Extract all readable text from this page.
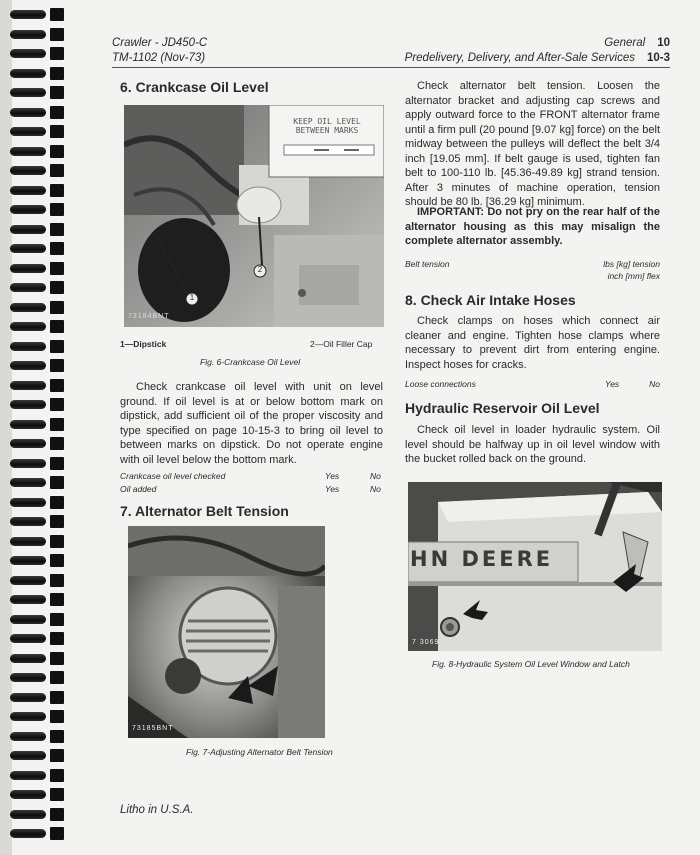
Crawler - JD450-C
TM-1102 (Nov-73)
General 10
Predelivery, Delivery, and After-Sale Services 10-3
6. Crankcase Oil Level
KEEP OIL LEVEL
BETWEEN MARKS
1
2
73184BNT
1—Dipstick	2—Oil Filler Cap
Fig. 6-Crankcase Oil Level

Check crankcase oil level with unit on level ground. If oil level is at or below bottom mark on dipstick, add sufficient oil of the proper viscosity and type specified on page 10-15-3 to bring oil level to between marks on dipstick. Do not operate engine with oil level below the bottom mark.

Crankcase oil level checked	Yes	No
Oil added	Yes	No
7. Alternator Belt Tension
73185BNT
Fig. 7-Adjusting Alternator Belt Tension

Check alternator belt tension. Loosen the alternator bracket and adjusting cap screws and apply outward force to the FRONT alternator frame until a firm pull (20 pound [9.07 kg] force) on the belt midway between the pulleys will deflect the belt 3/4 inch [19.05 mm]. If belt gauge is used, tighten fan belt to 100-110 lb. [45.36-49.89 kg] strand tension. After 3 minutes of machine operation, tension should be 80 lb. [36.29 kg] minimum.

IMPORTANT: Do not pry on the rear half of the alternator housing as this may misalign the complete alternator assembly.
Belt tension	lbs [kg] tension
inch [mm] flex
8. Check Air Intake Hoses

Check clamps on hoses which connect air cleaner and engine. Tighten hose clamps where necessary to prevent dirt from entering engine. Inspect hoses for cracks.

Loose connections	Yes	No
Hydraulic Reservoir Oil Level

Check oil level in loader hydraulic system. Oil level should be halfway up in oil level window with the bucket rolled back on the ground.

HN DEERE
7 3069
Fig. 8-Hydraulic System Oil Level Window and Latch
Litho in U.S.A.
